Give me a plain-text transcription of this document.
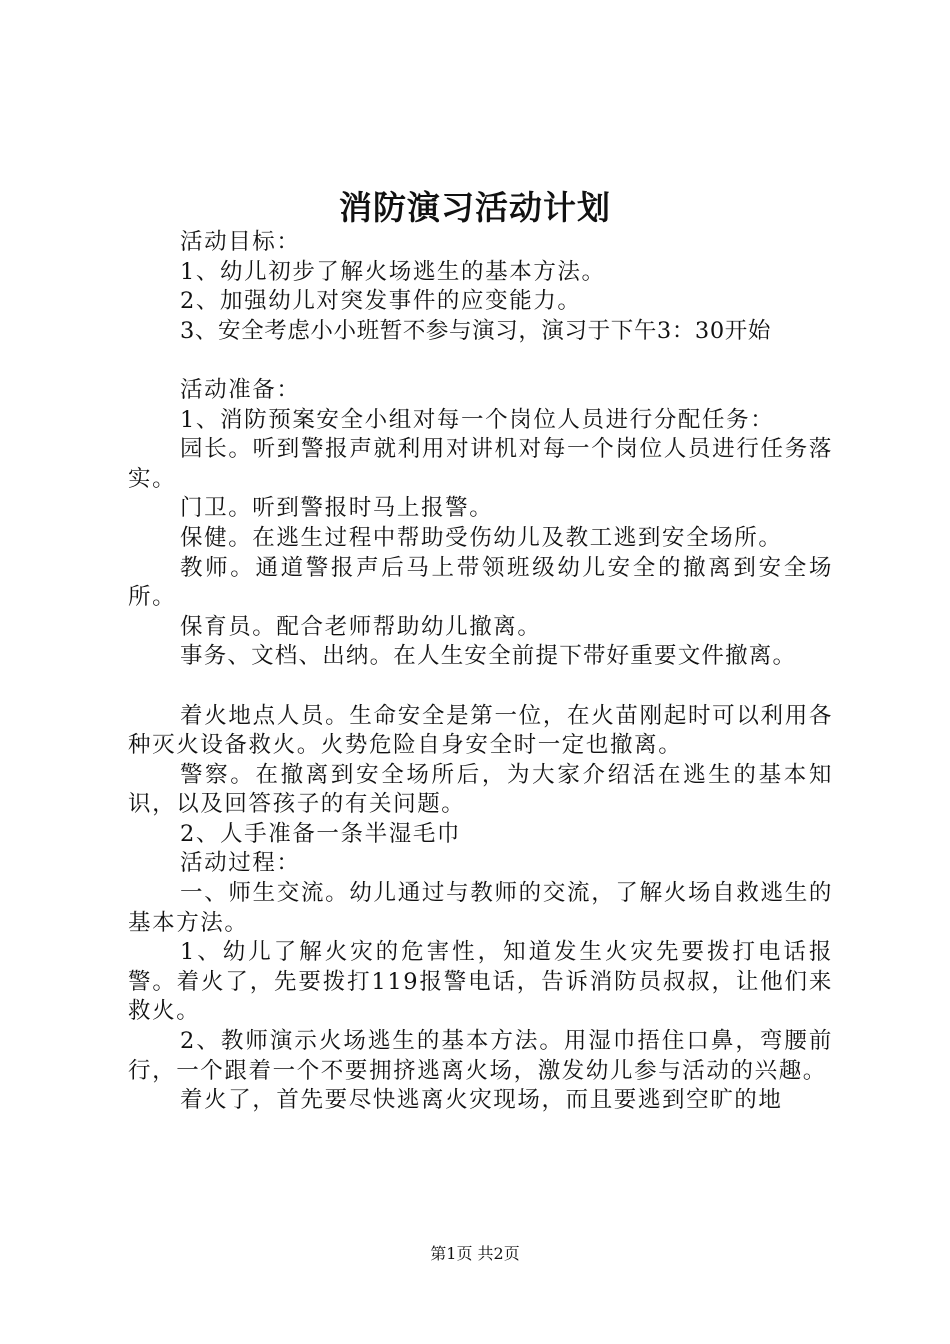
消防演习活动计划

活动目标：

1、幼儿初步了解火场逃生的基本方法。

2、加强幼儿对突发事件的应变能力。

3、安全考虑小小班暂不参与演习，演习于下午3：30开始

活动准备：

1、消防预案安全小组对每一个岗位人员进行分配任务：

园长。听到警报声就利用对讲机对每一个岗位人员进行任务落实。

门卫。听到警报时马上报警。

保健。在逃生过程中帮助受伤幼儿及教工逃到安全场所。

教师。通道警报声后马上带领班级幼儿安全的撤离到安全场所。

保育员。配合老师帮助幼儿撤离。

事务、文档、出纳。在人生安全前提下带好重要文件撤离。

着火地点人员。生命安全是第一位，在火苗刚起时可以利用各种灭火设备救火。火势危险自身安全时一定也撤离。

警察。在撤离到安全场所后，为大家介绍活在逃生的基本知识，以及回答孩子的有关问题。

2、人手准备一条半湿毛巾

活动过程：

一、师生交流。幼儿通过与教师的交流，了解火场自救逃生的基本方法。

1、幼儿了解火灾的危害性，知道发生火灾先要拨打电话报警。着火了，先要拨打119报警电话，告诉消防员叔叔，让他们来救火。

2、教师演示火场逃生的基本方法。用湿巾捂住口鼻，弯腰前行，一个跟着一个不要拥挤逃离火场，激发幼儿参与活动的兴趣。

着火了，首先要尽快逃离火灾现场，而且要逃到空旷的地

第1页 共2页
